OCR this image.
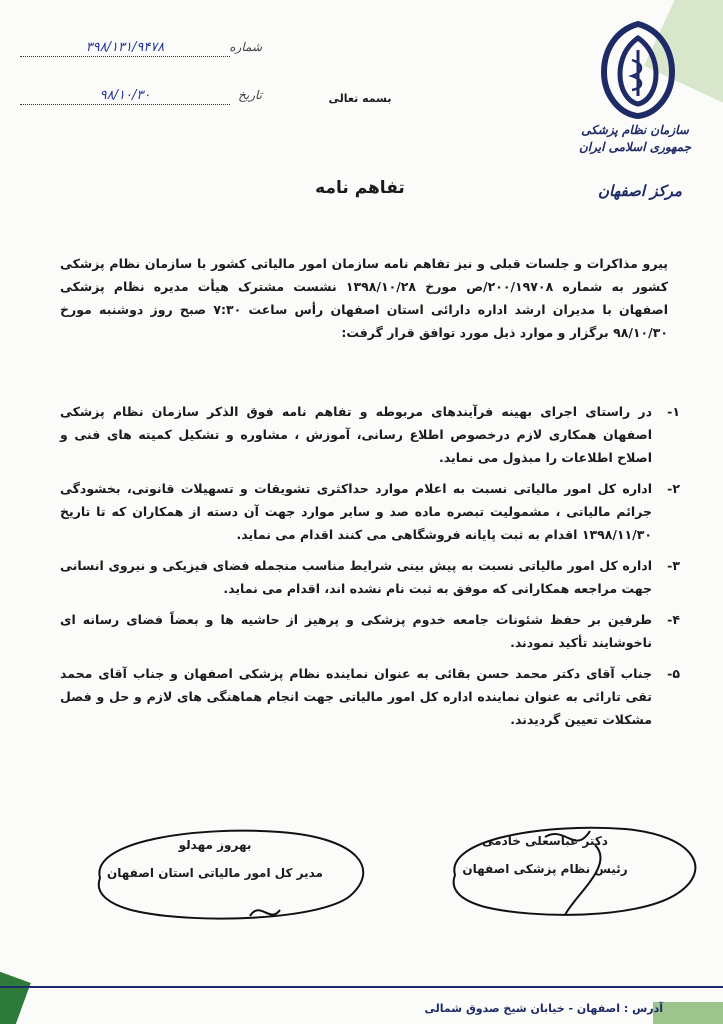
سازمان نظام پزشکی جمهوری اسلامی ایران
مرکز اصفهان
۳۹۸/۱۳۱/۹۴۷۸	شماره
۹۸/۱۰/۳۰	تاریخ	بسمه تعالی
تفاهم نامه
پیرو مذاکرات و جلسات قبلی و نیز تفاهم نامه سازمان امور مالیاتی کشور با سازمان نظام پزشکی کشور به شماره ۲۰۰/۱۹۷۰۸/ص مورخ ۱۳۹۸/۱۰/۲۸ نشست مشترک هیأت مدیره نظام پزشکی اصفهان با مدیران ارشد اداره دارائی استان اصفهان رأس ساعت ۷:۳۰ صبح روز دوشنبه مورخ ۹۸/۱۰/۳۰ برگزار و موارد ذیل مورد توافق قرار گرفت:
۱-
در راستای اجرای بهینه فرآیندهای مربوطه و تفاهم نامه فوق الذکر سازمان نظام پزشکی اصفهان همکاری لازم درخصوص اطلاع رسانی، آموزش ، مشاوره و تشکیل کمیته های فنی و اصلاح اطلاعات را مبذول می نماید.
۲-
اداره کل امور مالیاتی نسبت به اعلام موارد حداکثری تشویقات و تسهیلات قانونی، بخشودگی جرائم مالیاتی ، مشمولیت تبصره ماده صد و سایر موارد جهت آن دسته از همکاران که تا تاریخ ۱۳۹۸/۱۱/۳۰ اقدام به ثبت پایانه فروشگاهی می کنند اقدام می نماید.
۳-
اداره کل امور مالیاتی نسبت به پیش بینی شرایط مناسب منجمله فضای فیزیکی و نیروی انسانی جهت مراجعه همکارانی که موفق به ثبت نام نشده اند، اقدام می نماید.
۴-
طرفین بر حفظ شئونات جامعه خدوم پزشکی و پرهیز از حاشیه ها و بعضاً فضای رسانه ای ناخوشایند تأکید نمودند.
۵-
جناب آقای دکتر محمد حسن بقائی به عنوان نماینده نظام پزشکی اصفهان و جناب آقای محمد تقی تارائی به عنوان نماینده اداره کل امور مالیاتی جهت انجام هماهنگی های لازم و حل و فصل مشکلات تعیین گردیدند.
بهروز مهدلو
مدیر کل امور مالیاتی استان اصفهان
دکتر عباسعلی خادمی
رئیس نظام پزشکی اصفهان
آدرس : اصفهان - خیابان شیخ صدوق شمالی
